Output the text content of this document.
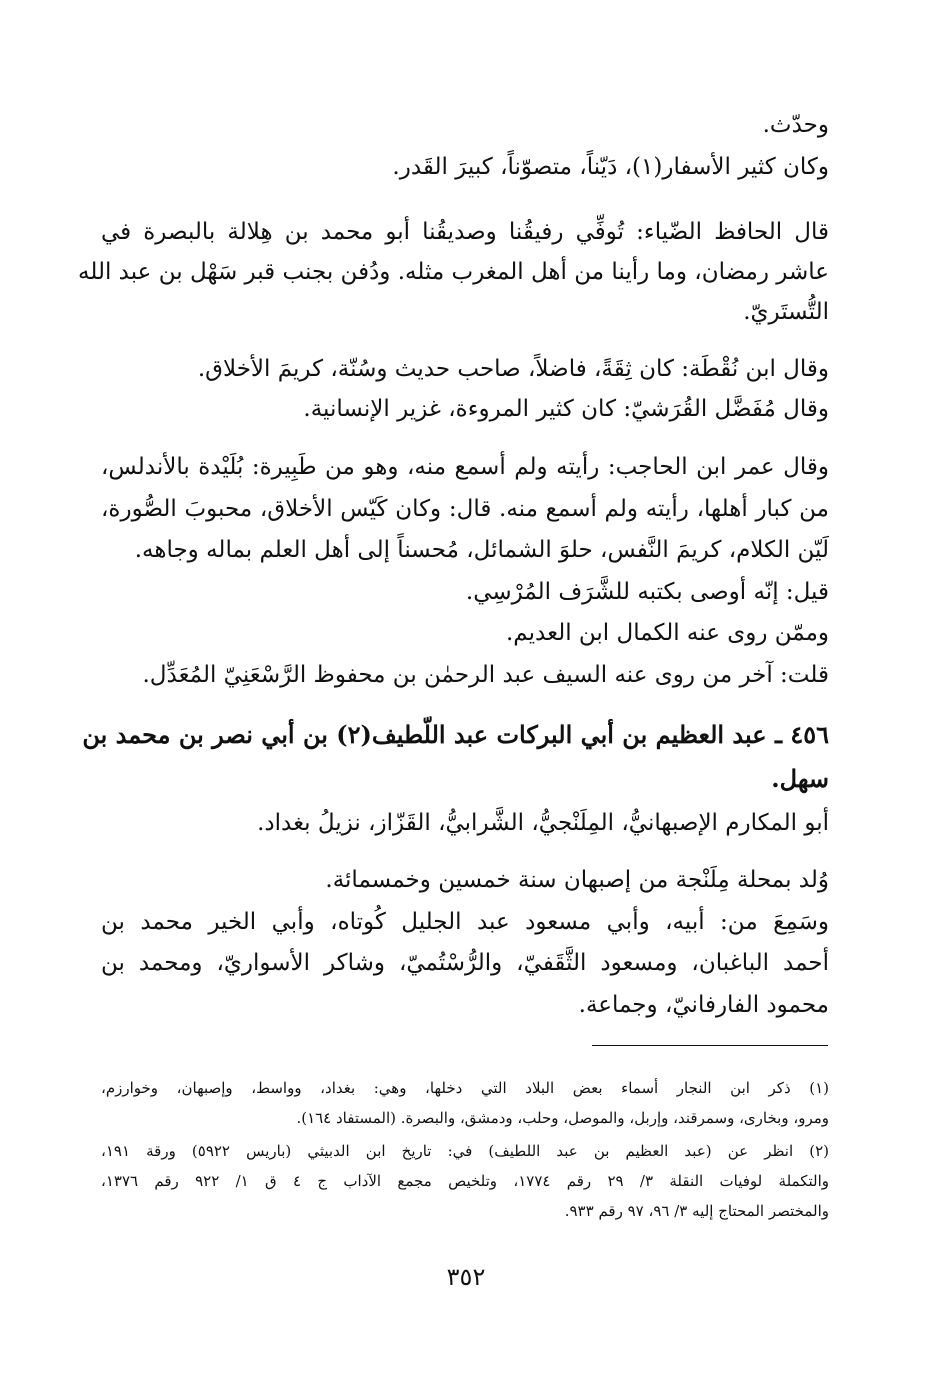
وحدّث.
وكان كثير الأسفار(١)، دَيّناً، متصوّناً، كبيرَ القَدر.
قال الحافظ الضّياء: تُوفِّي رفيقُنا وصديقُنا أبو محمد بن هِلالة بالبصرة في
عاشر رمضان، وما رأينا من أهل المغرب مثله. ودُفن بجنب قبر سَهْل بن عبد الله
التُّستَريّ.
وقال ابن نُقْطَة: كان ثِقَةً، فاضلاً، صاحب حديث وسُنّة، كريمَ الأخلاق.
وقال مُفَضَّل القُرَشيّ: كان كثير المروءة، غزير الإنسانية.
وقال عمر ابن الحاجب: رأيته ولم أسمع منه، وهو من طَبِيرة: بُلَيْدة بالأندلس،
من كبار أهلها، رأيته ولم أسمع منه. قال: وكان كَيّس الأخلاق، محبوبَ الصُّورة،
لَيّن الكلام، كريمَ النَّفس، حلوَ الشمائل، مُحسناً إلى أهل العلم بماله وجاهه.
قيل: إنّه أوصى بكتبه للشَّرَف المُرْسِي.
وممّن روى عنه الكمال ابن العديم.
قلت: آخر من روى عنه السيف عبد الرحمٰن بن محفوظ الرَّسْعَنِيّ المُعَدِّل.
٤٥٦ ـ عبد العظيم بن أبي البركات عبد اللّطيف(٢) بن أبي نصر بن محمد بن
سهل.
أبو المكارم الإصبهانيُّ، المِلَنْجيُّ، الشَّرابيُّ، القَزّاز، نزيلُ بغداد.
وُلد بمحلة مِلَنْجة من إصبهان سنة خمسين وخمسمائة.
وسَمِعَ من: أبيه، وأبي مسعود عبد الجليل كُوتاه، وأبي الخير محمد بن
أحمد الباغبان، ومسعود الثَّقَفيّ، والرُّسْتُميّ، وشاكر الأسواريّ، ومحمد بن
محمود الفارفانيّ، وجماعة.
(١) ذكر ابن النجار أسماء بعض البلاد التي دخلها، وهي: بغداد، وواسط، وإصبهان، وخوارزم،
ومرو، وبخارى، وسمرقند، وإربل، والموصل، وحلب، ودمشق، والبصرة. (المستفاد ١٦٤).
(٢) انظر عن (عبد العظيم بن عبد اللطيف) في: تاريخ ابن الدبيثي (باريس ٥٩٢٢) ورقة ١٩١،
والتكملة لوفيات النقلة ٣/ ٢٩ رقم ١٧٧٤، وتلخيص مجمع الآداب ج ٤ ق ١/ ٩٢٢ رقم ١٣٧٦،
والمختصر المحتاج إليه ٣/ ٩٦، ٩٧ رقم ٩٣٣.
٣٥٢
